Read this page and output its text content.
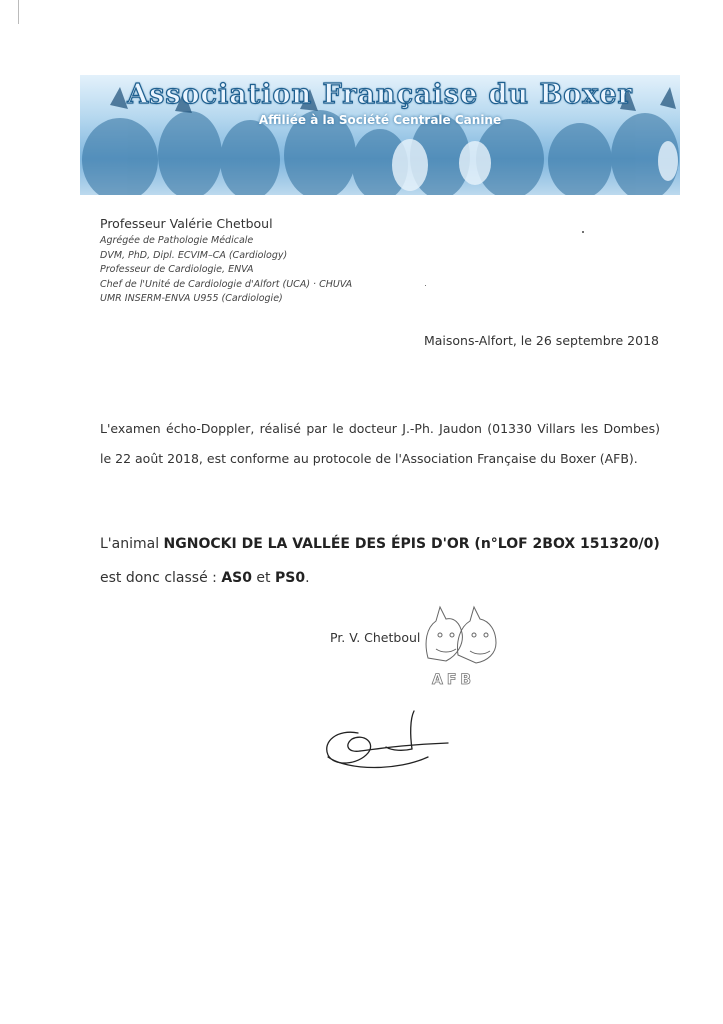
Association Française du Boxer
Affiliée à la Société Centrale Canine
Professeur Valérie Chetboul
Agrégée de Pathologie Médicale
DVM, PhD, Dipl. ECVIM–CA (Cardiology)
Professeur de Cardiologie, ENVA
Chef de l'Unité de Cardiologie d'Alfort (UCA) · CHUVA
UMR INSERM-ENVA U955 (Cardiologie)
Maisons-Alfort, le 26 septembre 2018
L'examen écho-Doppler, réalisé par le docteur J.-Ph. Jaudon (01330 Villars les Dombes) le 22 août 2018, est conforme au protocole de l'Association Française du Boxer (AFB).
L'animal NGNOCKI DE LA VALLÉE DES ÉPIS D'OR (n°LOF 2BOX 151320/0)
est donc classé : AS0 et PS0.
Pr. V. Chetboul
AFB
